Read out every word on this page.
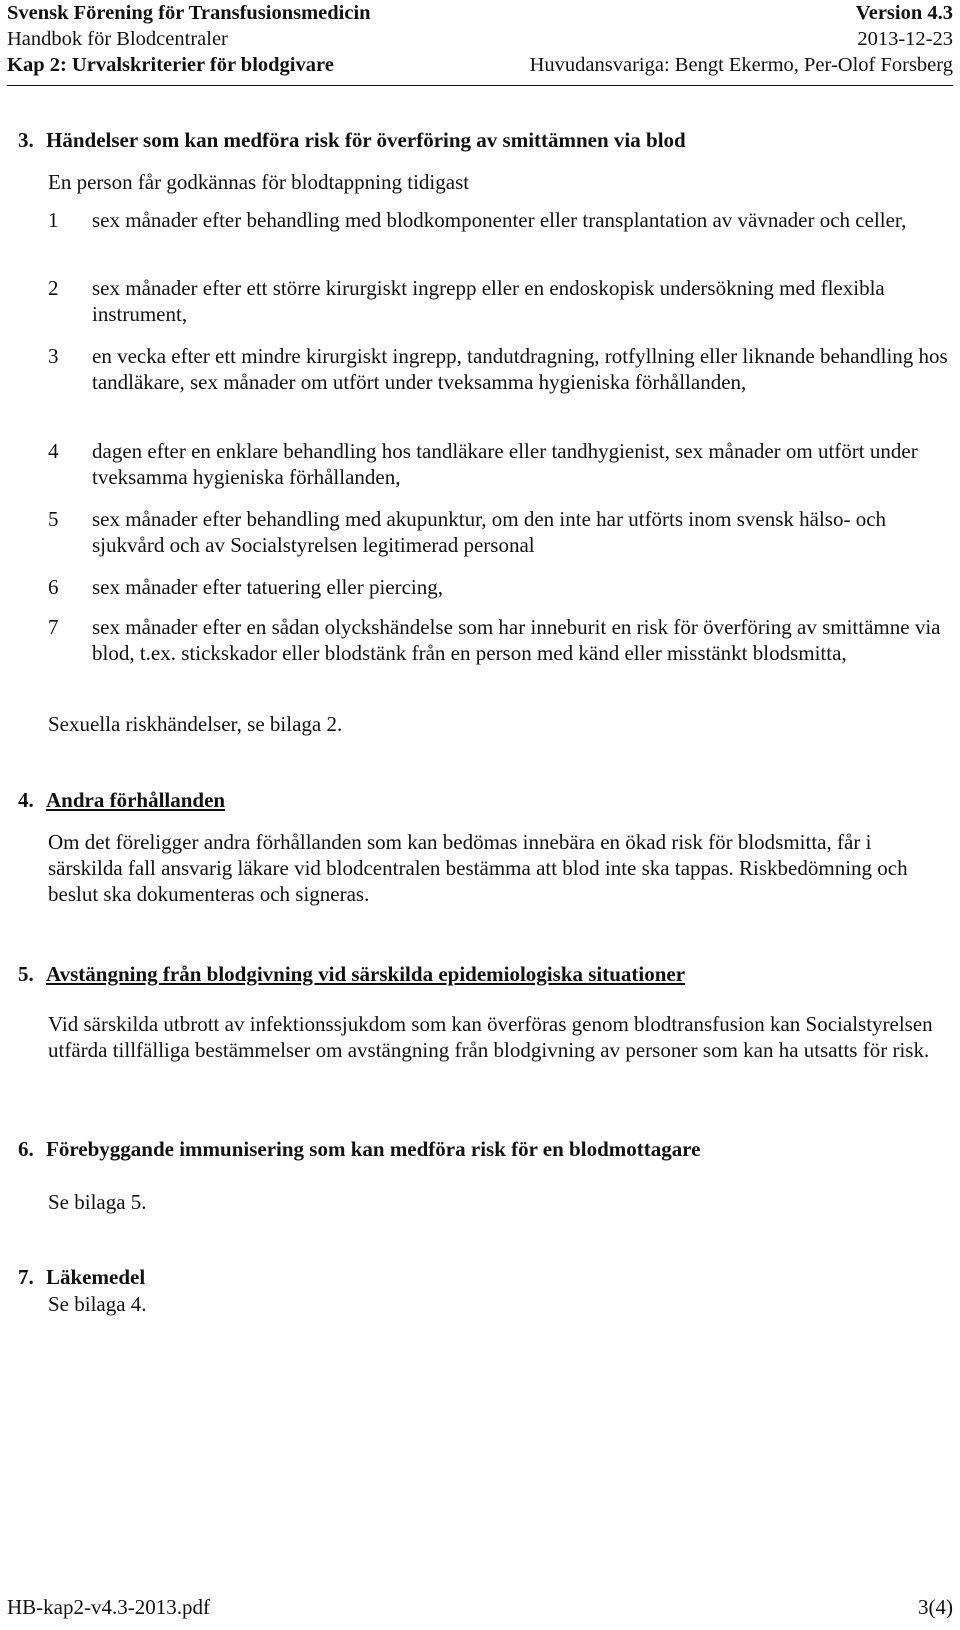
Svensk Förening för Transfusionsmedicin	Version 4.3
Handbok för Blodcentraler	2013-12-23
Kap 2: Urvalskriterier för blodgivare	Huvudansvariga: Bengt Ekermo, Per-Olof Forsberg
3. Händelser som kan medföra risk för överföring av smittämnen via blod
En person får godkännas för blodtappning tidigast
1	sex månader efter behandling med blodkomponenter eller transplantation av vävnader och celler,
2	sex månader efter ett större kirurgiskt ingrepp eller en endoskopisk undersökning med flexibla instrument,
3	en vecka efter ett mindre kirurgiskt ingrepp, tandutdragning, rotfyllning eller liknande behandling hos tandläkare, sex månader om utfört under tveksamma hygieniska förhållanden,
4	dagen efter en enklare behandling hos tandläkare eller tandhygienist, sex månader om utfört under tveksamma hygieniska förhållanden,
5	sex månader efter behandling med akupunktur, om den inte har utförts inom svensk hälso- och sjukvård och av Socialstyrelsen legitimerad personal
6	sex månader efter tatuering eller piercing,
7	sex månader efter en sådan olyckshändelse som har inneburit en risk för överföring av smittämne via blod, t.ex. stickskador eller blodstänk från en person med känd eller misstänkt blodsmitta,
Sexuella riskhändelser, se bilaga 2.
4. Andra förhållanden
Om det föreligger andra förhållanden som kan bedömas innebära en ökad risk för blodsmitta, får i särskilda fall ansvarig läkare vid blodcentralen bestämma att blod inte ska tappas. Riskbedömning och beslut ska dokumenteras och signeras.
5. Avstängning från blodgivning vid särskilda epidemiologiska situationer
Vid särskilda utbrott av infektionssjukdom som kan överföras genom blodtransfusion kan Socialstyrelsen utfärda tillfälliga bestämmelser om avstängning från blodgivning av personer som kan ha utsatts för risk.
6. Förebyggande immunisering som kan medföra risk för en blodmottagare
Se bilaga 5.
7. Läkemedel
Se bilaga 4.
HB-kap2-v4.3-2013.pdf	3(4)
